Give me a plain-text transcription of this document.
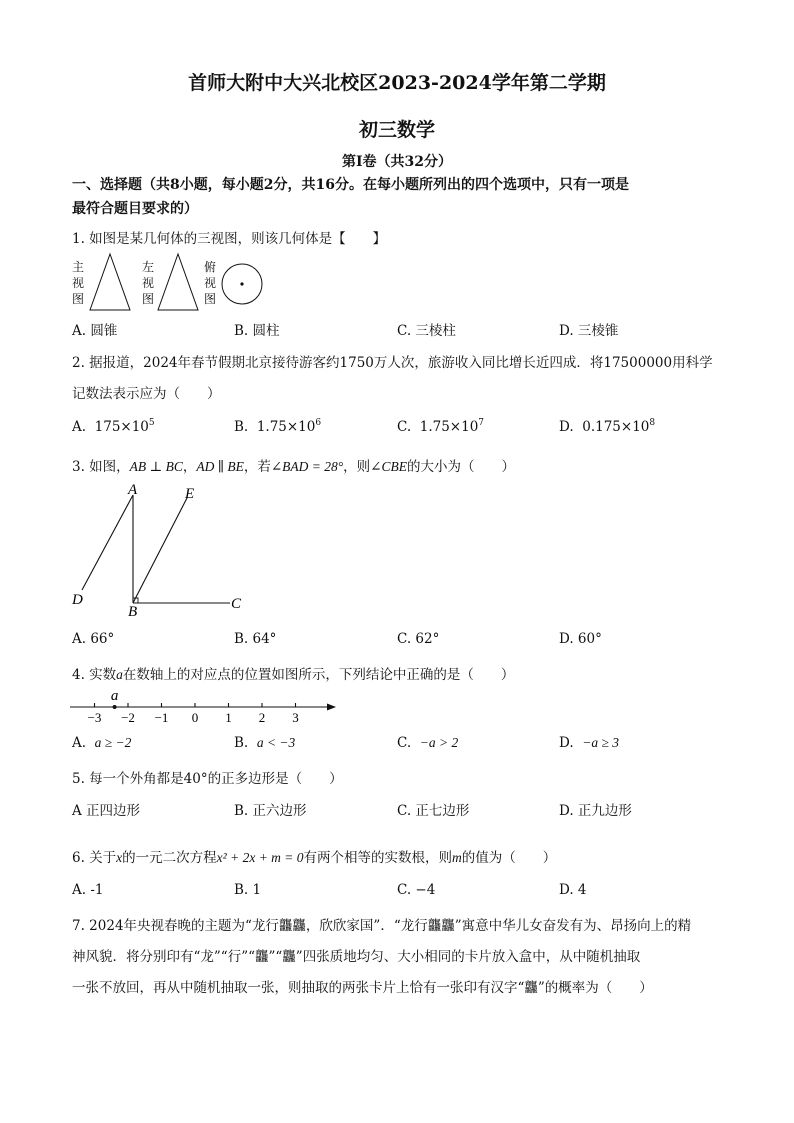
首师大附中大兴北校区2023-2024学年第二学期
初三数学
第Ⅰ卷（共32分）
一、选择题（共8小题，每小题2分，共16分。在每小题所列出的四个选项中，只有一项是
最符合题目要求的）
1. 如图是某几何体的三视图，则该几何体是【　　】
主视图
左视图
俯视图
A. 圆锥	B. 圆柱	C. 三棱柱	D. 三棱锥
2. 据报道，2024年春节假期北京接待游客约1750万人次，旅游收入同比增长近四成．将17500000用科学
记数法表示应为（　　）
A. $175\times 10^5$	B. $1.75\times 10^6$	C. $1.75\times 10^7$	D. $0.175\times 10^8$
3. 如图，AB ⊥ BC，AD ∥ BE，若∠BAD = 28°，则∠CBE的大小为（　　）
A
B	C
D
E
A. 66°	B. 64°	C. 62°	D. 60°
4. 实数a在数轴上的对应点的位置如图所示，下列结论中正确的是（　　）
−3 −2 −1 0 1 2 3
a
A. a ≥ −2	B. a < −3	C. −a > 2	D. −a ≥ 3
5. 每一个外角都是40°的正多边形是（　　）
A 正四边形	B. 正六边形	C. 正七边形	D. 正九边形
6. 关于x的一元二次方程x² + 2x + m = 0有两个相等的实数根，则m的值为（　　）
A. -1	B. 1	C. −4	D. 4
7. 2024年央视春晚的主题为“龙行龘龘，欣欣家国”．“龙行龘龘”寓意中华儿女奋发有为、昂扬向上的精
神风貌．将分别印有“龙”“行”“龘”“龘”四张质地均匀、大小相同的卡片放入盒中，从中随机抽取
一张不放回，再从中随机抽取一张，则抽取的两张卡片上恰有一张印有汉字“龘”的概率为（　　）
